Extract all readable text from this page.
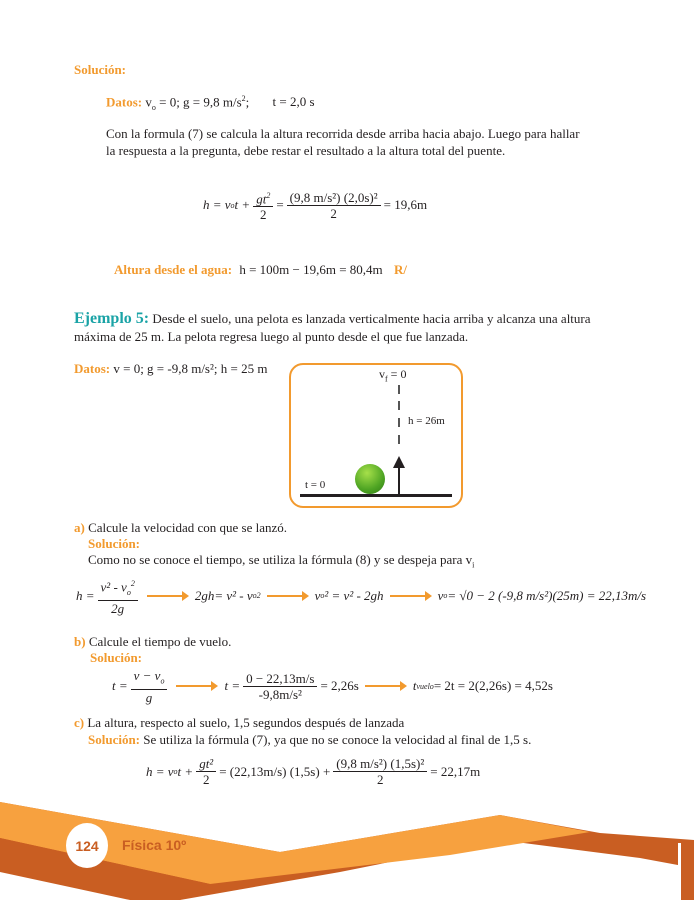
Solución:
Datos: $v_o = 0$; g = 9,8 $m/s^2$; t = 2,0 s
Con la formula (7) se calcula la altura recorrida desde arriba hacia abajo. Luego para hallar
la respuesta a la pregunta, debe restar el resultado a la altura total del puente.
h = v o $t + \frac{gt^2}{2} = \frac{\text{(9,8 m/s²) (2,0s)²}}{2} = 19,6m$
Altura desde el agua: h = 100m − 19,6m = 80,4m R/
Ejemplo 5: Desde el suelo, una pelota es lanzada verticalmente hacia arriba y alcanza una altura
máxima de 25 m. La pelota regresa luego al punto desde el que fue lanzada.
Datos: v = 0; g = -9,8 m/s²; h = 25 m	$v_f = 0$
h = 26m
t = 0
a) Calcule la velocidad con que se lanzó.
Solución:
Como no se conoce el tiempo, se utiliza la fórmula (8) y se despeja para $v_i$
$h = \frac{v^2 - v_o^2}{2g}$	2gh= v² - v o 2	v o ² = v² - 2gh	v o = √0 − 2 (-9,8 m/s²)(25m) = 22,13m/s
b) Calcule el tiempo de vuelo.
Solución:
$t = \frac{v - v_o}{g}$	$t = \frac{0 - 22,13m/s}{\text{-9,8m/s²}} = 2,26s$	t vuelo = 2t = 2(2,26s) = 4,52s
c) La altura, respecto al suelo, 1,5 segundos después de lanzada
Solución: Se utiliza la fórmula (7), ya que no se conoce la velocidad al final de 1,5 s.
h = v o $t + \frac{\text{gt²}}{2} = (22,13m/s) (1,5s) + \frac{\text{(9,8 m/s²) (1,5s)²}}{2} = 22,17m$
124	Física 10º
